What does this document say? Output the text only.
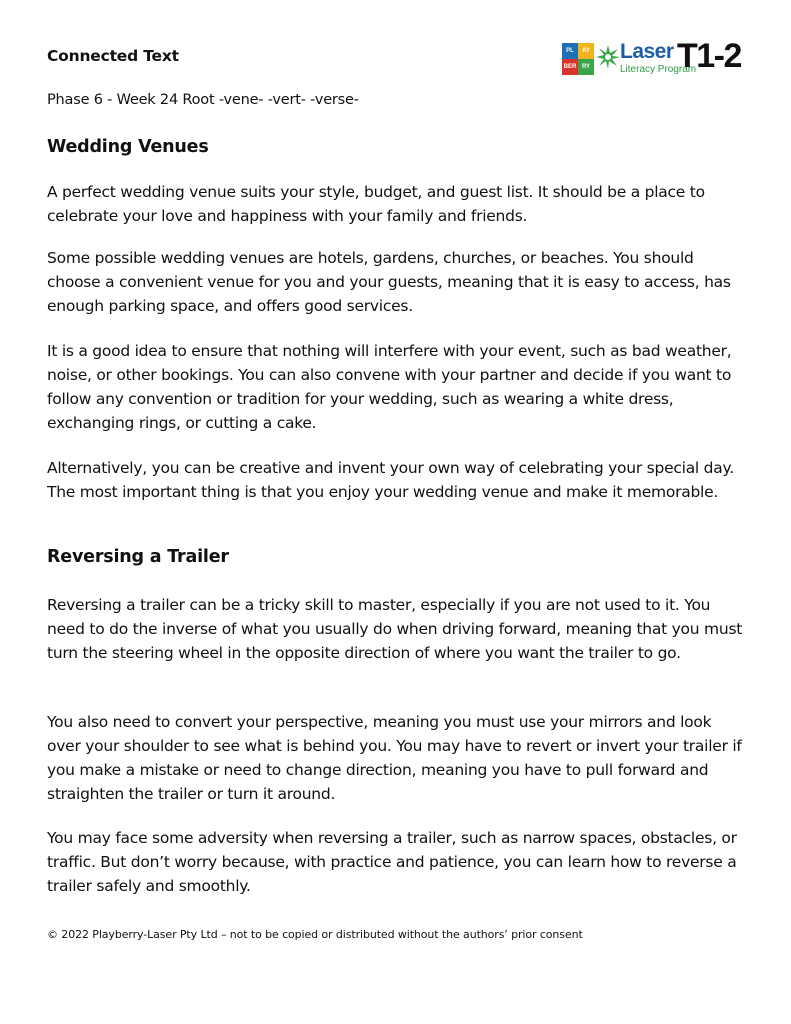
Connected Text
Phase 6 - Week 24 Root -vene- -vert- -verse-
PL	AY
BER RY
Laser
Literacy Program
T1-2
Wedding Venues

A perfect wedding venue suits your style, budget, and guest list. It should be a place to celebrate your love and happiness with your family and friends.

Some possible wedding venues are hotels, gardens, churches, or beaches. You should choose a convenient venue for you and your guests, meaning that it is easy to access, has enough parking space, and offers good services.

It is a good idea to ensure that nothing will interfere with your event, such as bad weather, noise, or other bookings. You can also convene with your partner and decide if you want to follow any convention or tradition for your wedding, such as wearing a white dress, exchanging rings, or cutting a cake.

Alternatively, you can be creative and invent your own way of celebrating your special day. The most important thing is that you enjoy your wedding venue and make it memorable.

Reversing a Trailer

Reversing a trailer can be a tricky skill to master, especially if you are not used to it. You need to do the inverse of what you usually do when driving forward, meaning that you must turn the steering wheel in the opposite direction of where you want the trailer to go.

You also need to convert your perspective, meaning you must use your mirrors and look over your shoulder to see what is behind you. You may have to revert or invert your trailer if you make a mistake or need to change direction, meaning you have to pull forward and straighten the trailer or turn it around.

You may face some adversity when reversing a trailer, such as narrow spaces, obstacles, or traffic. But don’t worry because, with practice and patience, you can learn how to reverse a trailer safely and smoothly.

© 2022 Playberry-Laser Pty Ltd – not to be copied or distributed without the authors’ prior consent
